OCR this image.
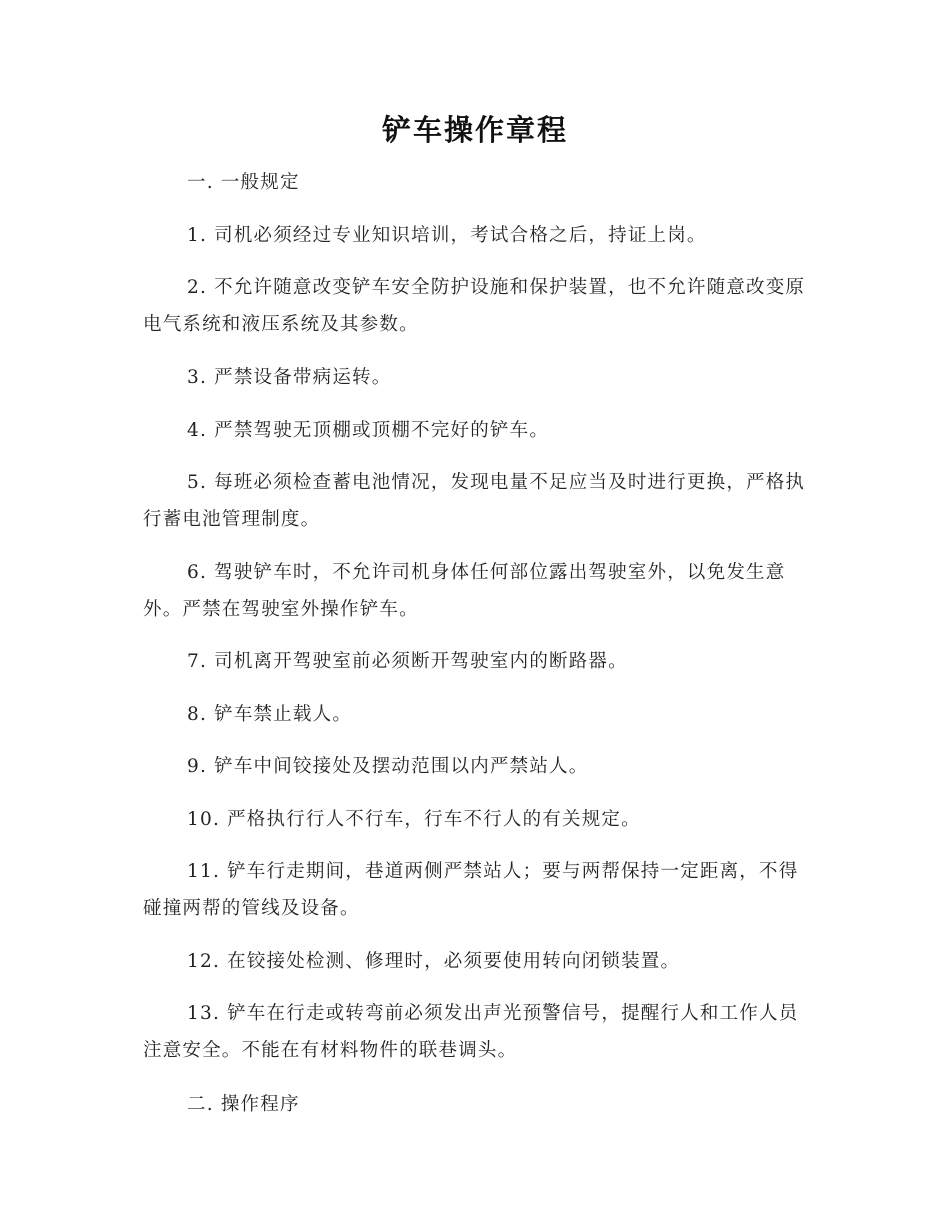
铲车操作章程

一. 一般规定

1. 司机必须经过专业知识培训，考试合格之后，持证上岗。

2. 不允许随意改变铲车安全防护设施和保护装置，也不允许随意改变原电气系统和液压系统及其参数。

3. 严禁设备带病运转。

4. 严禁驾驶无顶棚或顶棚不完好的铲车。

5. 每班必须检查蓄电池情况，发现电量不足应当及时进行更换，严格执行蓄电池管理制度。

6. 驾驶铲车时，不允许司机身体任何部位露出驾驶室外，以免发生意外。严禁在驾驶室外操作铲车。

7. 司机离开驾驶室前必须断开驾驶室内的断路器。

8. 铲车禁止载人。

9. 铲车中间铰接处及摆动范围以内严禁站人。

10. 严格执行行人不行车，行车不行人的有关规定。

11. 铲车行走期间，巷道两侧严禁站人；要与两帮保持一定距离，不得碰撞两帮的管线及设备。

12. 在铰接处检测、修理时，必须要使用转向闭锁装置。

13. 铲车在行走或转弯前必须发出声光预警信号，提醒行人和工作人员注意安全。不能在有材料物件的联巷调头。

二. 操作程序
